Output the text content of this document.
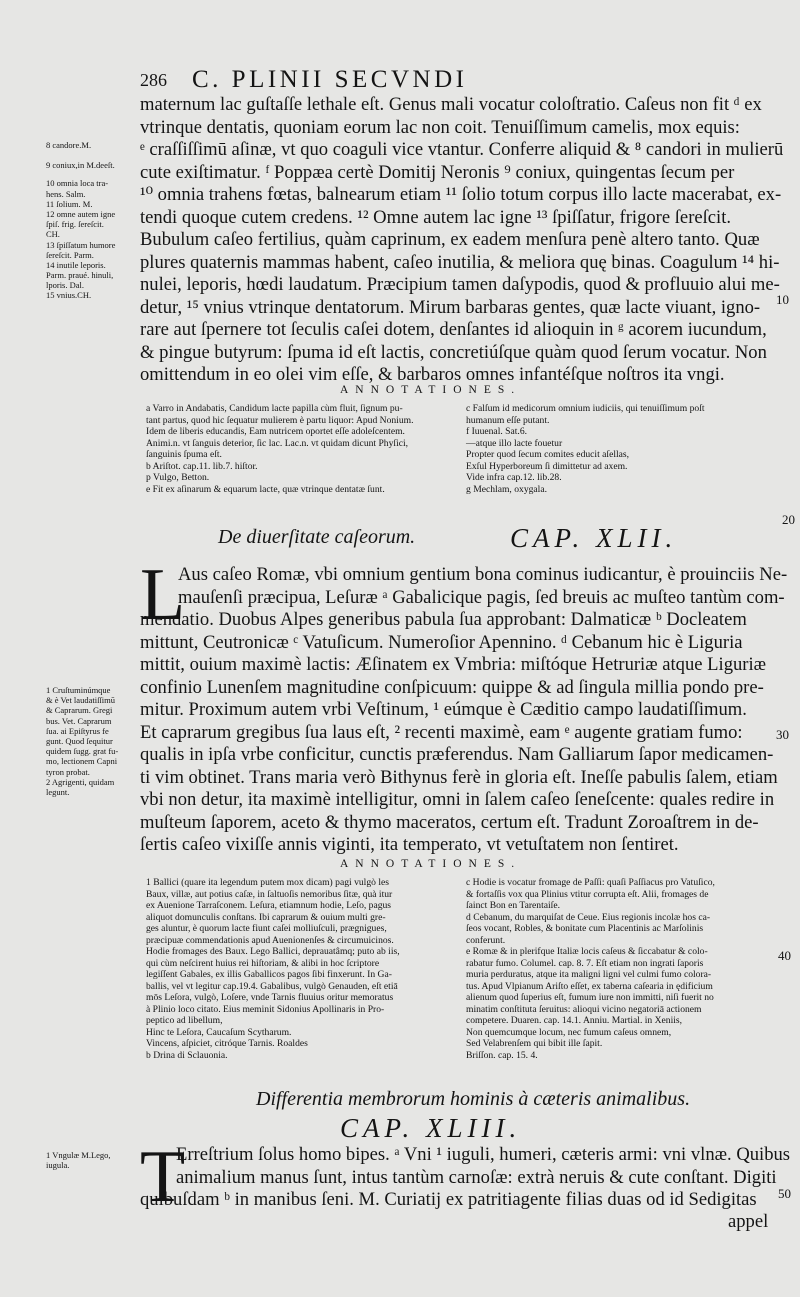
286 C. PLINII SECVNDI
8 candore.M.
9 coniux,in M.deeſt.
10 omnia loca tra-
hens. Salm.
11 ſolium. M.
12 omne autem igne
ſpiſ. frig. ſereſcit.
CH.
13 ſpiſſatum humore
ſereſcit. Parm.
14 inutile leporis.
Parm. praué. hinuli,
lporis. Dal.
15 vnius.CH.
maternum lac guſtaſſe lethale eſt. Genus mali vocatur coloſtratio. Caſeus non fit ᵈ ex
vtrinque dentatis, quoniam eorum lac non coit. Tenuiſſimum camelis, mox equis:
ᵉ craſſiſſimū aſinæ, vt quo coaguli vice vtantur. Conferre aliquid & ⁸ candori in mulierū
cute exiſtimatur. ᶠ Poppæa certè Domitij Neronis ⁹ coniux, quingentas ſecum per
¹⁰ omnia trahens fœtas, balnearum etiam ¹¹ ſolio totum corpus illo lacte macerabat, ex-
tendi quoque cutem credens. ¹² Omne autem lac igne ¹³ ſpiſſatur, frigore ſereſcit.
Bubulum caſeo fertilius, quàm caprinum, ex eadem menſura penè altero tanto. Quæ
plures quaternis mammas habent, caſeo inutilia, & meliora quę binas. Coagulum ¹⁴ hi-
nulei, leporis, hœdi laudatum. Præcipium tamen daſypodis, quod & profluuio alui me-
detur, ¹⁵ vnius vtrinque dentatorum. Mirum barbaras gentes, quæ lacte viuant, igno-
rare aut ſpernere tot ſeculis caſei dotem, denſantes id alioquin in ᵍ acorem iucundum,
& pingue butyrum: ſpuma id eſt lactis, concretiúſque quàm quod ſerum vocatur. Non
omittendum in eo olei vim eſſe, & barbaros omnes infantéſque noſtros ita vngi.
10
ANNOTATIONES.
a Varro in Andabatis, Candidum lacte papilla cùm fluit, ſignum pu-
tant partus, quod hic ſequatur mulierem è partu liquor: Apud Nonium.
Idem de liberis educandis, Eam nutricem oportet eſſe adoleſcentem.
Animi.n. vt ſanguis deterior, ſic lac. Lac.n. vt quidam dicunt Phyſici,
ſanguinis ſpuma eſt.
b Ariſtot. cap.11. lib.7. hiſtor.
p Vulgo, Betton.
e Fit ex aſinarum & equarum lacte, quæ vtrinque dentatæ ſunt.
c Falſum id medicorum omnium iudiciis, qui tenuiſſimum poſt
humanum eſſe putant.
f Iuuenal. Sat.6.
—atque illo lacte fouetur
Propter quod ſecum comites educit aſellas,
Exſul Hyperboreum ſi dimittetur ad axem.
Vide infra cap.12. lib.28.
g Mechlam, oxygala.
20
De diuerſitate caſeorum.	CAP. XLII.
1 Cruſtuminúmque
& è Vet laudatiſſimū
& Caprarum. Gregi
bus. Vet. Caprarum
ſua. ai Epiſtyrus fe
gunt. Quod ſequitur
quidem ſugg. grat fu-
mo, lectionem Capni
tyron probat.
2 Agrigenti, quidam
legunt.
L
Aus caſeo Romæ, vbi omnium gentium bona cominus iudicantur, è prouinciis Ne-
mauſenſi præcipua, Leſuræ ᵃ Gabalicique pagis, ſed breuis ac muſteo tantùm com-
mendatio. Duobus Alpes generibus pabula ſua approbant: Dalmaticæ ᵇ Docleatem
mittunt, Ceutronicæ ᶜ Vatuſicum. Numeroſior Apennino. ᵈ Cebanum hic è Liguria
mittit, ouium maximè lactis: Æſinatem ex Vmbria: miſtóque Hetruriæ atque Liguriæ
confinio Lunenſem magnitudine conſpicuum: quippe & ad ſingula millia pondo pre-
mitur. Proximum autem vrbi Veſtinum, ¹ eúmque è Cæditio campo laudatiſſimum.
Et caprarum gregibus ſua laus eſt, ² recenti maximè, eam ᵉ augente gratiam fumo:
qualis in ipſa vrbe conficitur, cunctis præferendus. Nam Galliarum ſapor medicamen-
ti vim obtinet. Trans maria verò Bithynus ferè in gloria eſt. Ineſſe pabulis ſalem, etiam
vbi non detur, ita maximè intelligitur, omni in ſalem caſeo ſeneſcente: quales redire in
muſteum ſaporem, aceto & thymo maceratos, certum eſt. Tradunt Zoroaſtrem in de-
ſertis caſeo vixiſſe annis viginti, ita temperato, vt vetuſtatem non ſentiret.
30
ANNOTATIONES.
1 Ballici (quare ita legendum putem mox dicam) pagi vulgò les
Baux, villæ, aut potius caſæ, in ſaltuoſis nemoribus ſitæ, quà itur
ex Auenione Tarraſconem. Leſura, etiamnum hodie, Leſo, pagus
aliquot domunculis conſtans. Ibi caprarum & ouium multi gre-
ges aluntur, è quorum lacte fiunt caſei molliuſculi, prægnigues,
præcipuæ commendationis apud Auenionenſes & circumuicinos.
Hodie fromages des Baux. Lego Ballici, deprauatâmq; puto ab iis,
qui cùm neſcirent huius rei hiſtoriam, & alibi in hoc ſcriptore
legiſſent Gabales, ex illis Gaballicos pagos ſibi finxerunt. In Ga-
ballis, vel vt legitur cap.19.4. Gabalibus, vulgò Genauden, eſt etiā
mōs Leſora, vulgò, Loſere, vnde Tarnis fluuius oritur memoratus
à Plinio loco citato. Eius meminit Sidonius Apollinaris in Pro-
peptico ad libellum,
Hinc te Leſora, Caucaſum Scytharum.
Vincens, aſpiciet, citróque Tarnis. Roaldes
b Drina di Sclauonia.
c Hodie is vocatur fromage de Paſſi: quaſi Paſſiacus pro Vatuſico,
& fortaſſis vox qua Plinius vtitur corrupta eſt. Alii, fromages de
ſainct Bon en Tarentaiſe.
d Cebanum, du marquiſat de Ceue. Eius regionis incolæ hos ca-
ſeos vocant, Robles, & bonitate cum Placentinis ac Marſolinis
conferunt.
e Romæ & in plerifque Italiæ locis caſeus & ſiccabatur & colo-
rabatur fumo. Columel. cap. 8. 7. Eſt etiam non ingrati ſaporis
muria perduratus, atque ita maligni ligni vel culmi fumo colora-
tus. Apud Vlpianum Ariſto eſſet, ex taberna caſearia in ędificium
alienum quod ſuperius eſt, fumum iure non immitti, niſi fuerit no
minatim conſtituta ſeruitus: alioqui vicino negatoriā actionem
competere. Duaren. cap. 14.1. Anniu. Martial. in Xeniis,
Non quemcumque locum, nec fumum caſeus omnem,
Sed Velabrenſem qui bibit ille ſapit.
Briſſon. cap. 15. 4.
40
Differentia membrorum hominis à cæteris animalibus.
CAP. XLIII.
1 Vngulæ M.Lego,
iugula. T
Erreſtrium ſolus homo bipes. ᵃ Vni ¹ iuguli, humeri, cæteris armi: vni vlnæ. Quibus
animalium manus ſunt, intus tantùm carnoſæ: extrà neruis & cute conſtant. Digiti
quibuſdam ᵇ in manibus ſeni. M. Curiatij ex patritiagente filias duas od id Sedigitas	50
appel
